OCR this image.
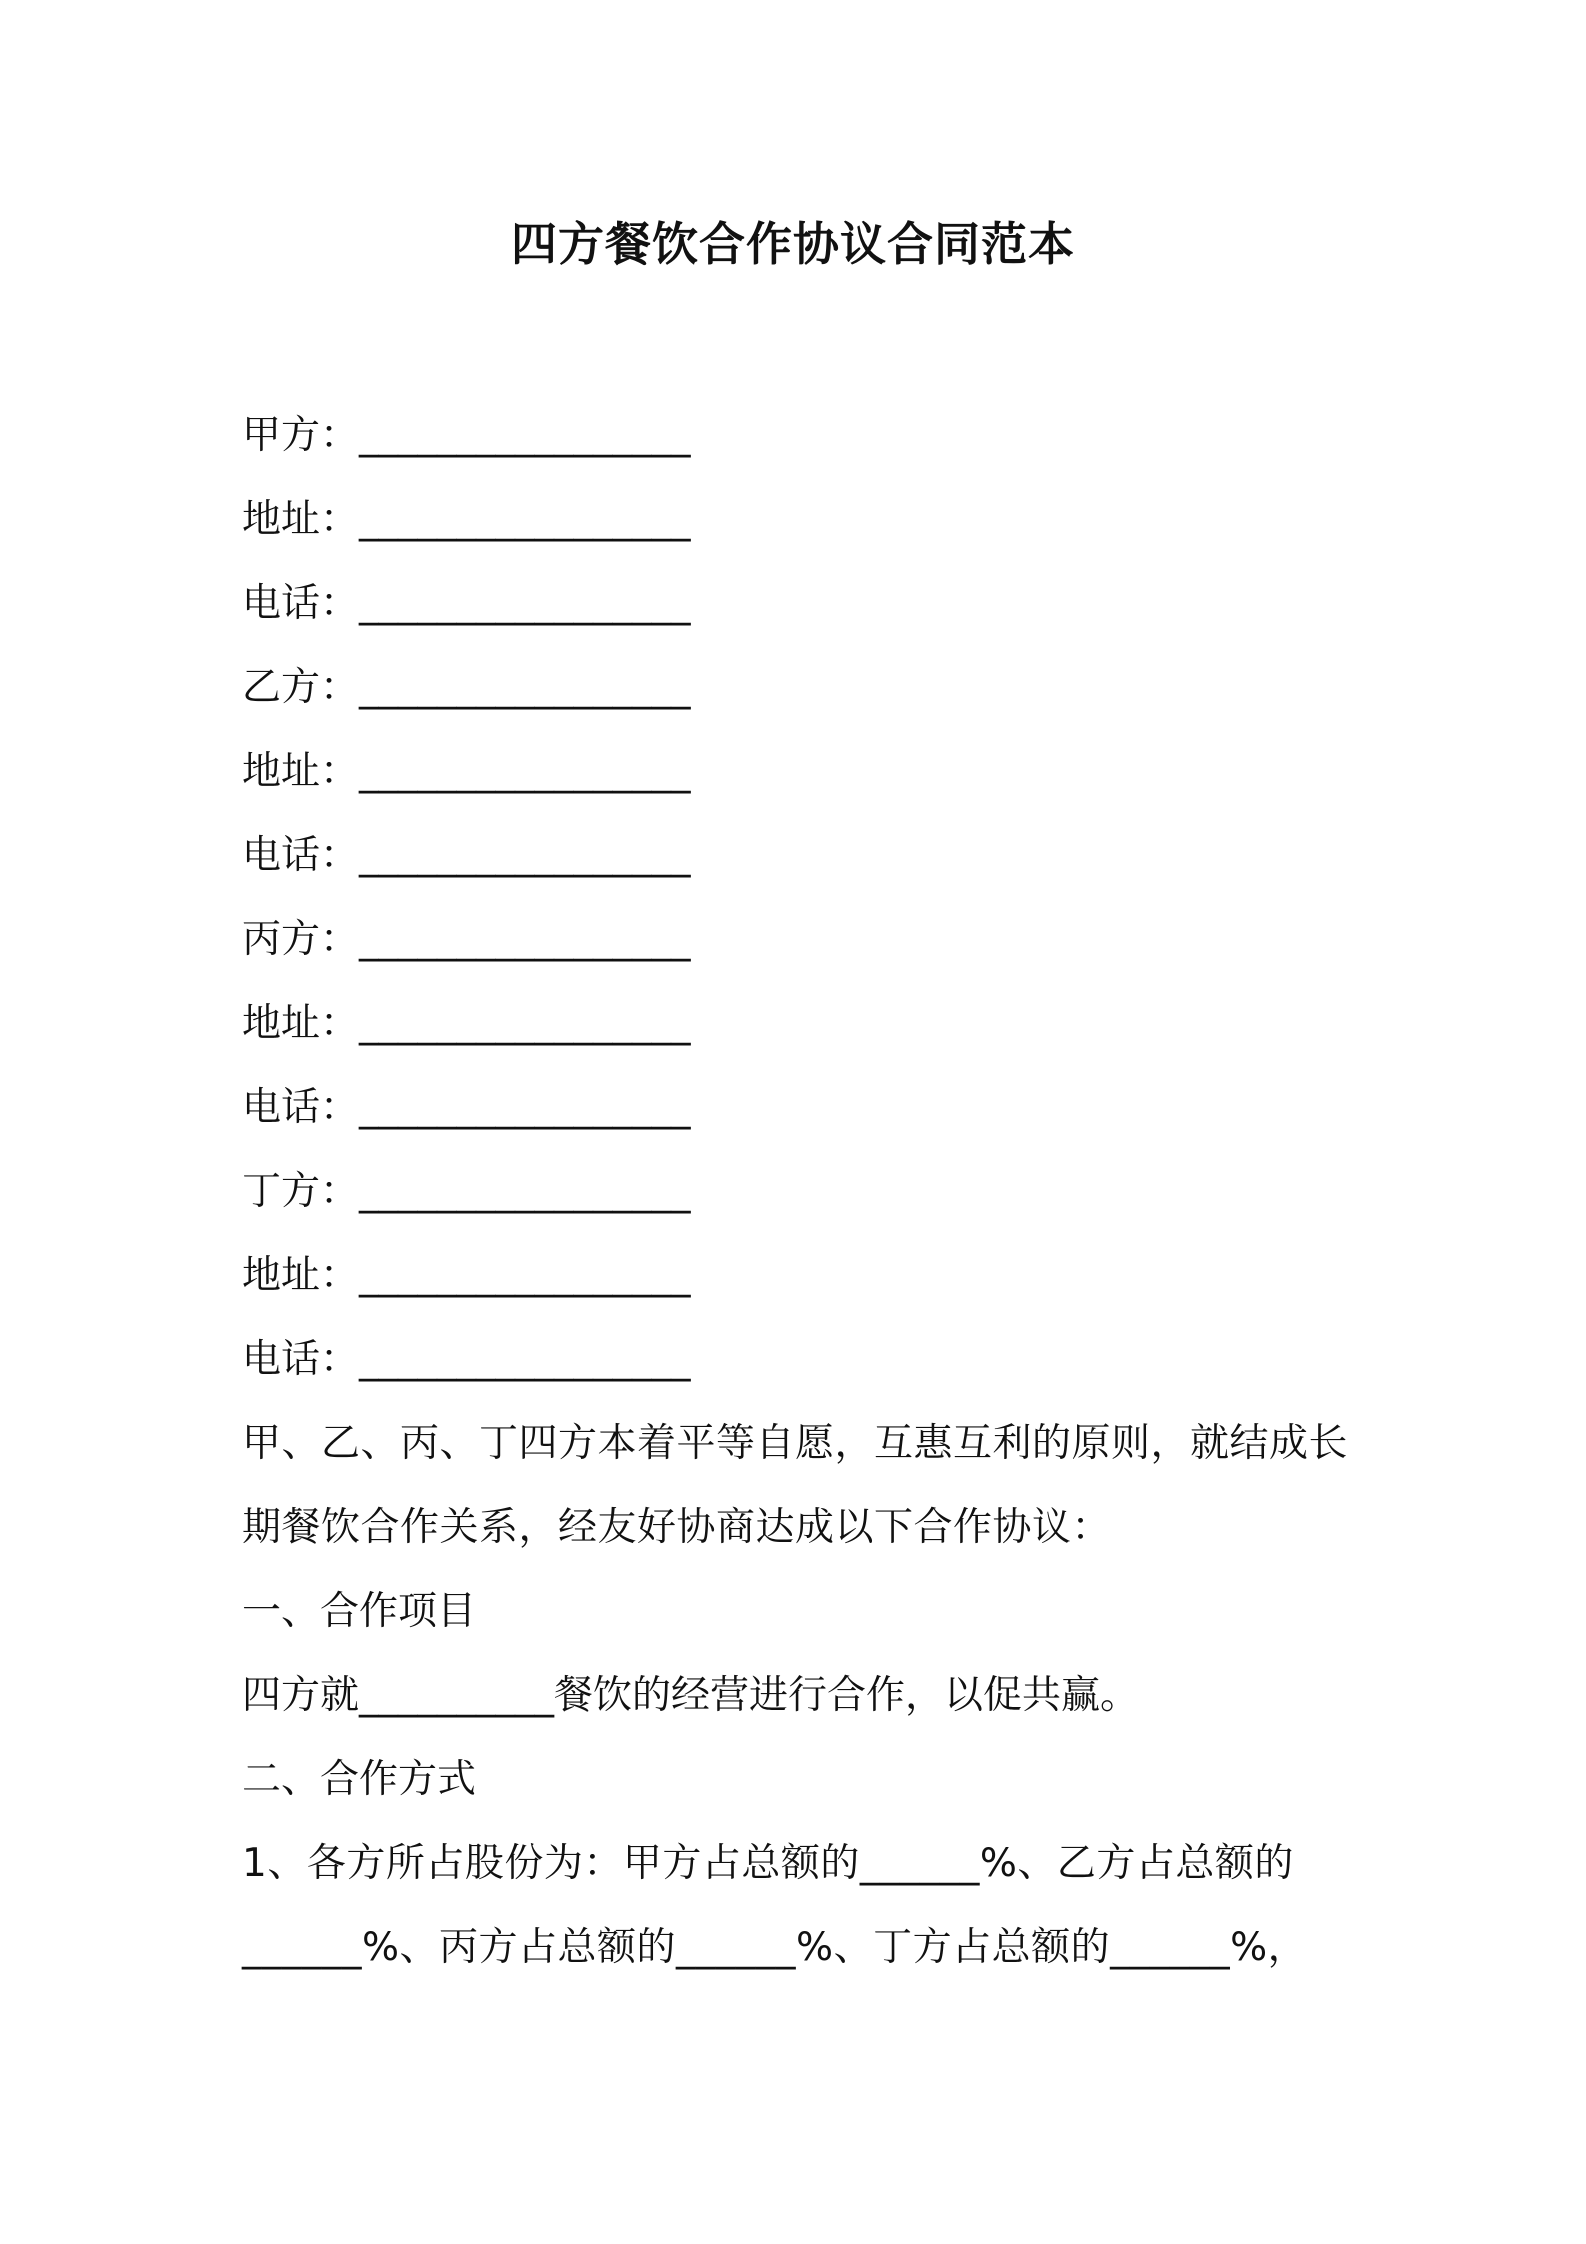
四方餐饮合作协议合同范本
甲方：_________________
地址：_________________
电话：_________________
乙方：_________________
地址：_________________
电话：_________________
丙方：_________________
地址：_________________
电话：_________________
丁方：_________________
地址：_________________
电话：_________________
甲、乙、丙、丁四方本着平等自愿，互惠互利的原则，就结成长
期餐饮合作关系，经友好协商达成以下合作协议：
一、合作项目
四方就__________餐饮的经营进行合作，以促共赢。
二、合作方式
1、各方所占股份为：甲方占总额的______%、乙方占总额的
______%、丙方占总额的______%、丁方占总额的______%，
